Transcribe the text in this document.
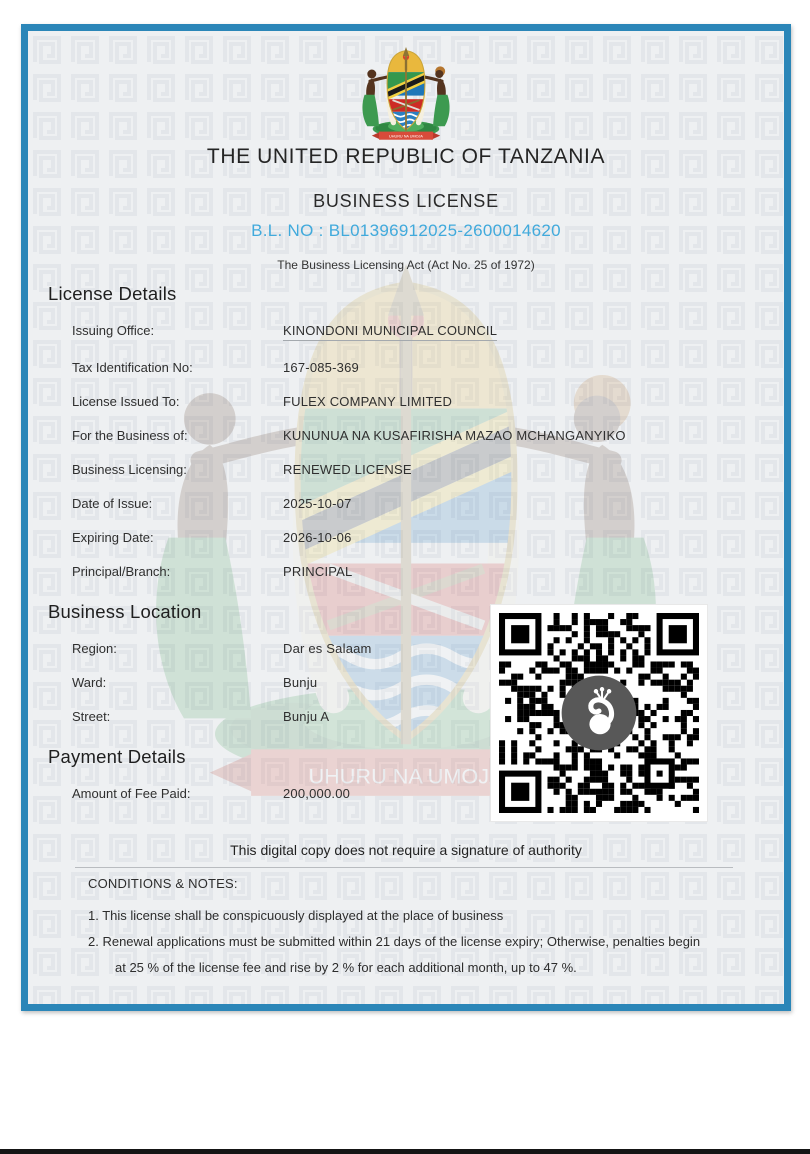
THE UNITED REPUBLIC OF TANZANIA
BUSINESS LICENSE
B.L. NO : BL01396912025-2600014620
The Business Licensing Act (Act No. 25 of 1972)
License Details
Issuing Office:	KINONDONI MUNICIPAL COUNCIL
Tax Identification No:	167-085-369
License Issued To:	FULEX COMPANY LIMITED
For the Business of:	KUNUNUA NA KUSAFIRISHA MAZAO MCHANGANYIKO
Business Licensing:	RENEWED LICENSE
Date of Issue:	2025-10-07
Expiring Date:	2026-10-06
Principal/Branch:	PRINCIPAL
Business Location
Region:	Dar es Salaam
Ward:	Bunju
Street:	Bunju A
Payment Details
Amount of Fee Paid:	200,000.00
This digital copy does not require a signature of authority
CONDITIONS & NOTES:
1. This license shall be conspicuously displayed at the place of business
2. Renewal applications must be submitted within 21 days of the license expiry; Otherwise, penalties begin
at 25 % of the license fee and rise by 2 % for each additional month, up to 47 %.
